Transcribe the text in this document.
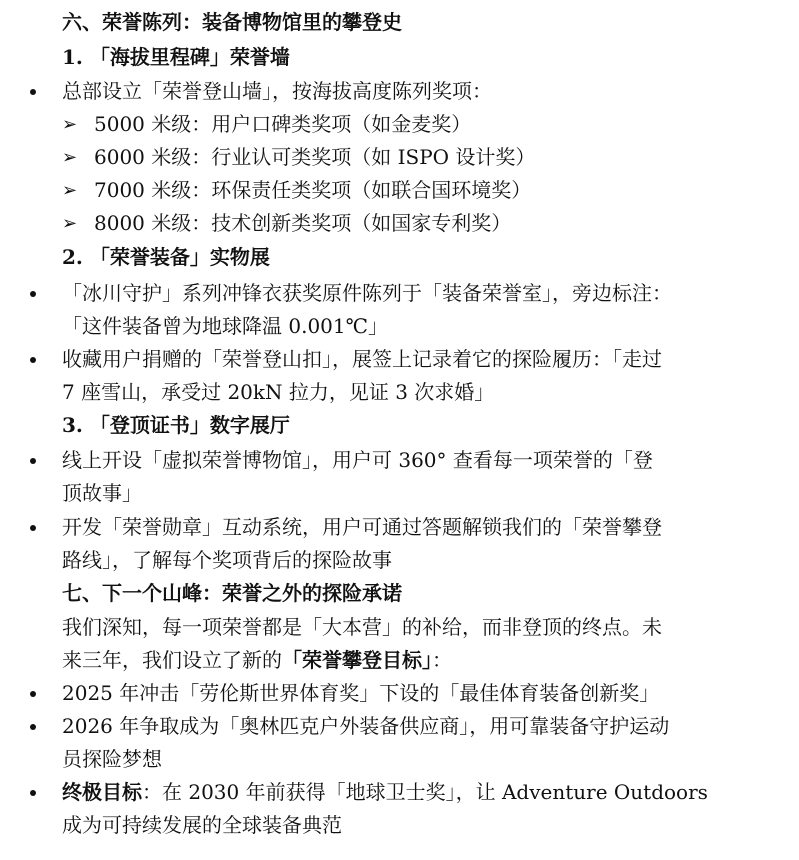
六、荣誉陈列：装备博物馆里的攀登史
1. 「海拔里程碑」荣誉墙
总部设立「荣誉登山墙」，按海拔高度陈列奖项：
➢ 5000 米级：用户口碑类奖项（如金麦奖）
➢ 6000 米级：行业认可类奖项（如 ISPO 设计奖）
➢ 7000 米级：环保责任类奖项（如联合国环境奖）
➢ 8000 米级：技术创新类奖项（如国家专利奖）
2. 「荣誉装备」实物展
「冰川守护」系列冲锋衣获奖原件陈列于「装备荣誉室」，旁边标注：
「这件装备曾为地球降温 0.001℃」
收藏用户捐赠的「荣誉登山扣」，展签上记录着它的探险履历：「走过
7 座雪山，承受过 20kN 拉力，见证 3 次求婚」
3. 「登顶证书」数字展厅
线上开设「虚拟荣誉博物馆」，用户可 360° 查看每一项荣誉的「登
顶故事」
开发「荣誉勋章」互动系统，用户可通过答题解锁我们的「荣誉攀登
路线」，了解每个奖项背后的探险故事
七、下一个山峰：荣誉之外的探险承诺
我们深知，每一项荣誉都是「大本营」的补给，而非登顶的终点。未
来三年，我们设立了新的「荣誉攀登目标」：
2025 年冲击「劳伦斯世界体育奖」下设的「最佳体育装备创新奖」
2026 年争取成为「奥林匹克户外装备供应商」，用可靠装备守护运动
员探险梦想
终极目标：在 2030 年前获得「地球卫士奖」，让 Adventure Outdoors
成为可持续发展的全球装备典范
